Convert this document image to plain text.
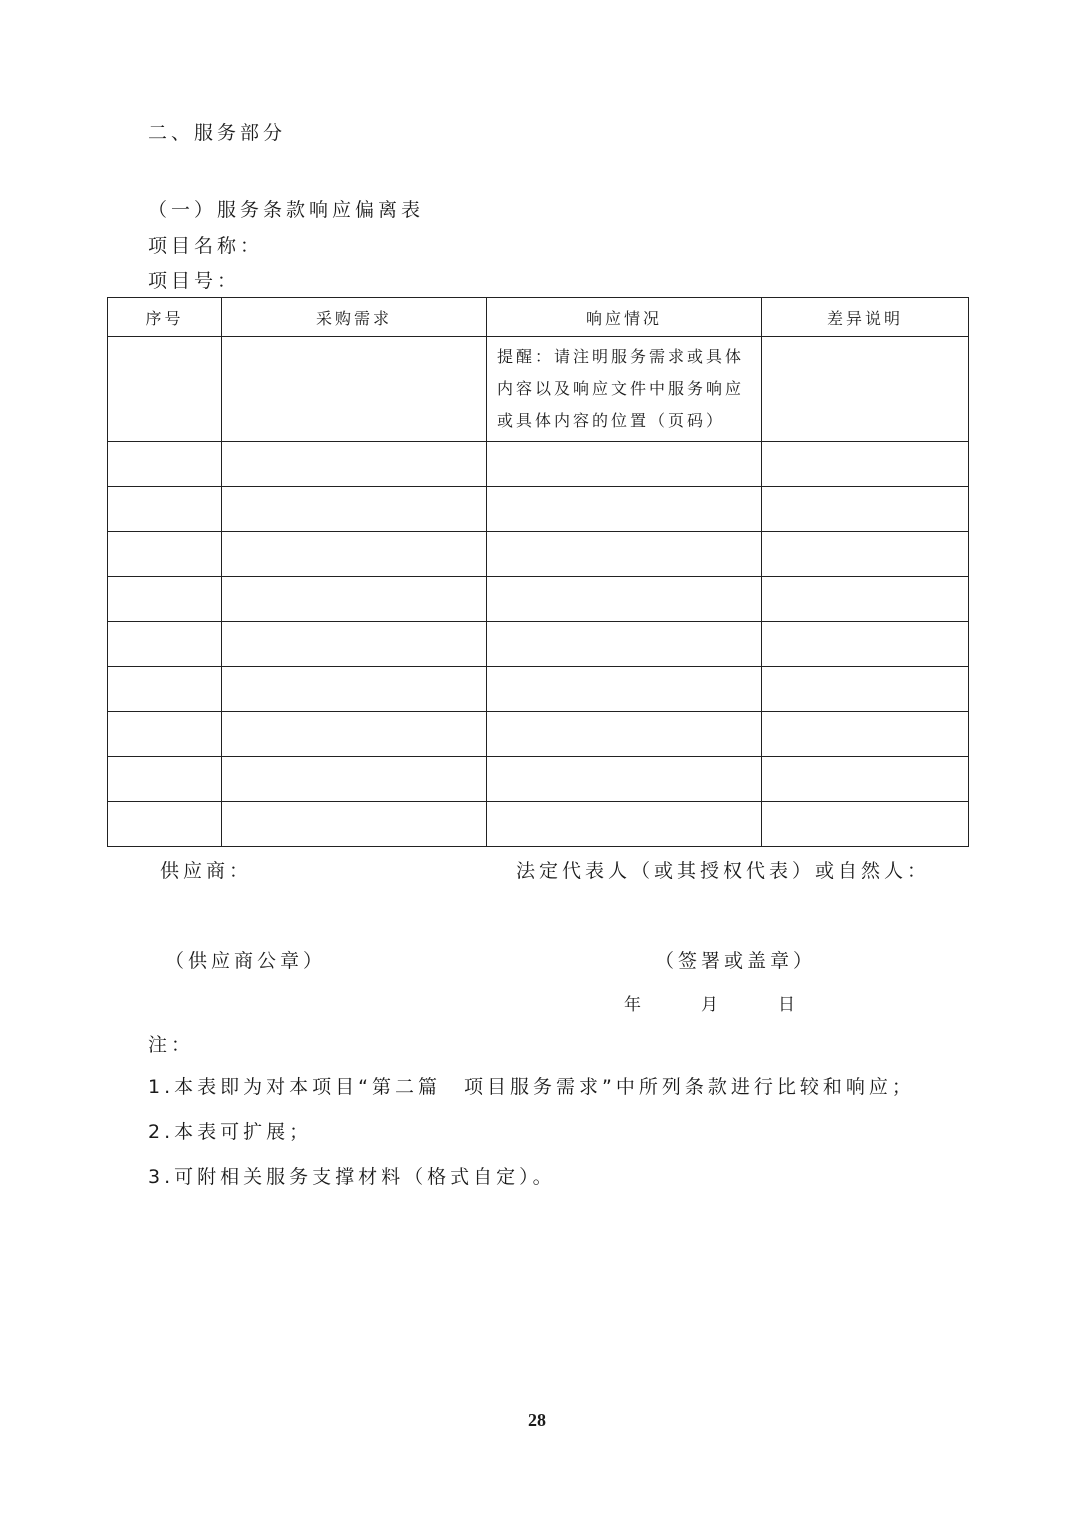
二、服务部分
（一）服务条款响应偏离表
项目名称：
项目号：
序号	采购需求	响应情况	差异说明

		提醒：请注明服务需求或具体内容以及响应文件中服务响应或具体内容的位置（页码）	

供应商：	法定代表人（或其授权代表）或自然人：
（供应商公章）	（签署或盖章）
年	月	日
注：
1.本表即为对本项目“第二篇　项目服务需求”中所列条款进行比较和响应；
2.本表可扩展；
3.可附相关服务支撑材料（格式自定）。
28
